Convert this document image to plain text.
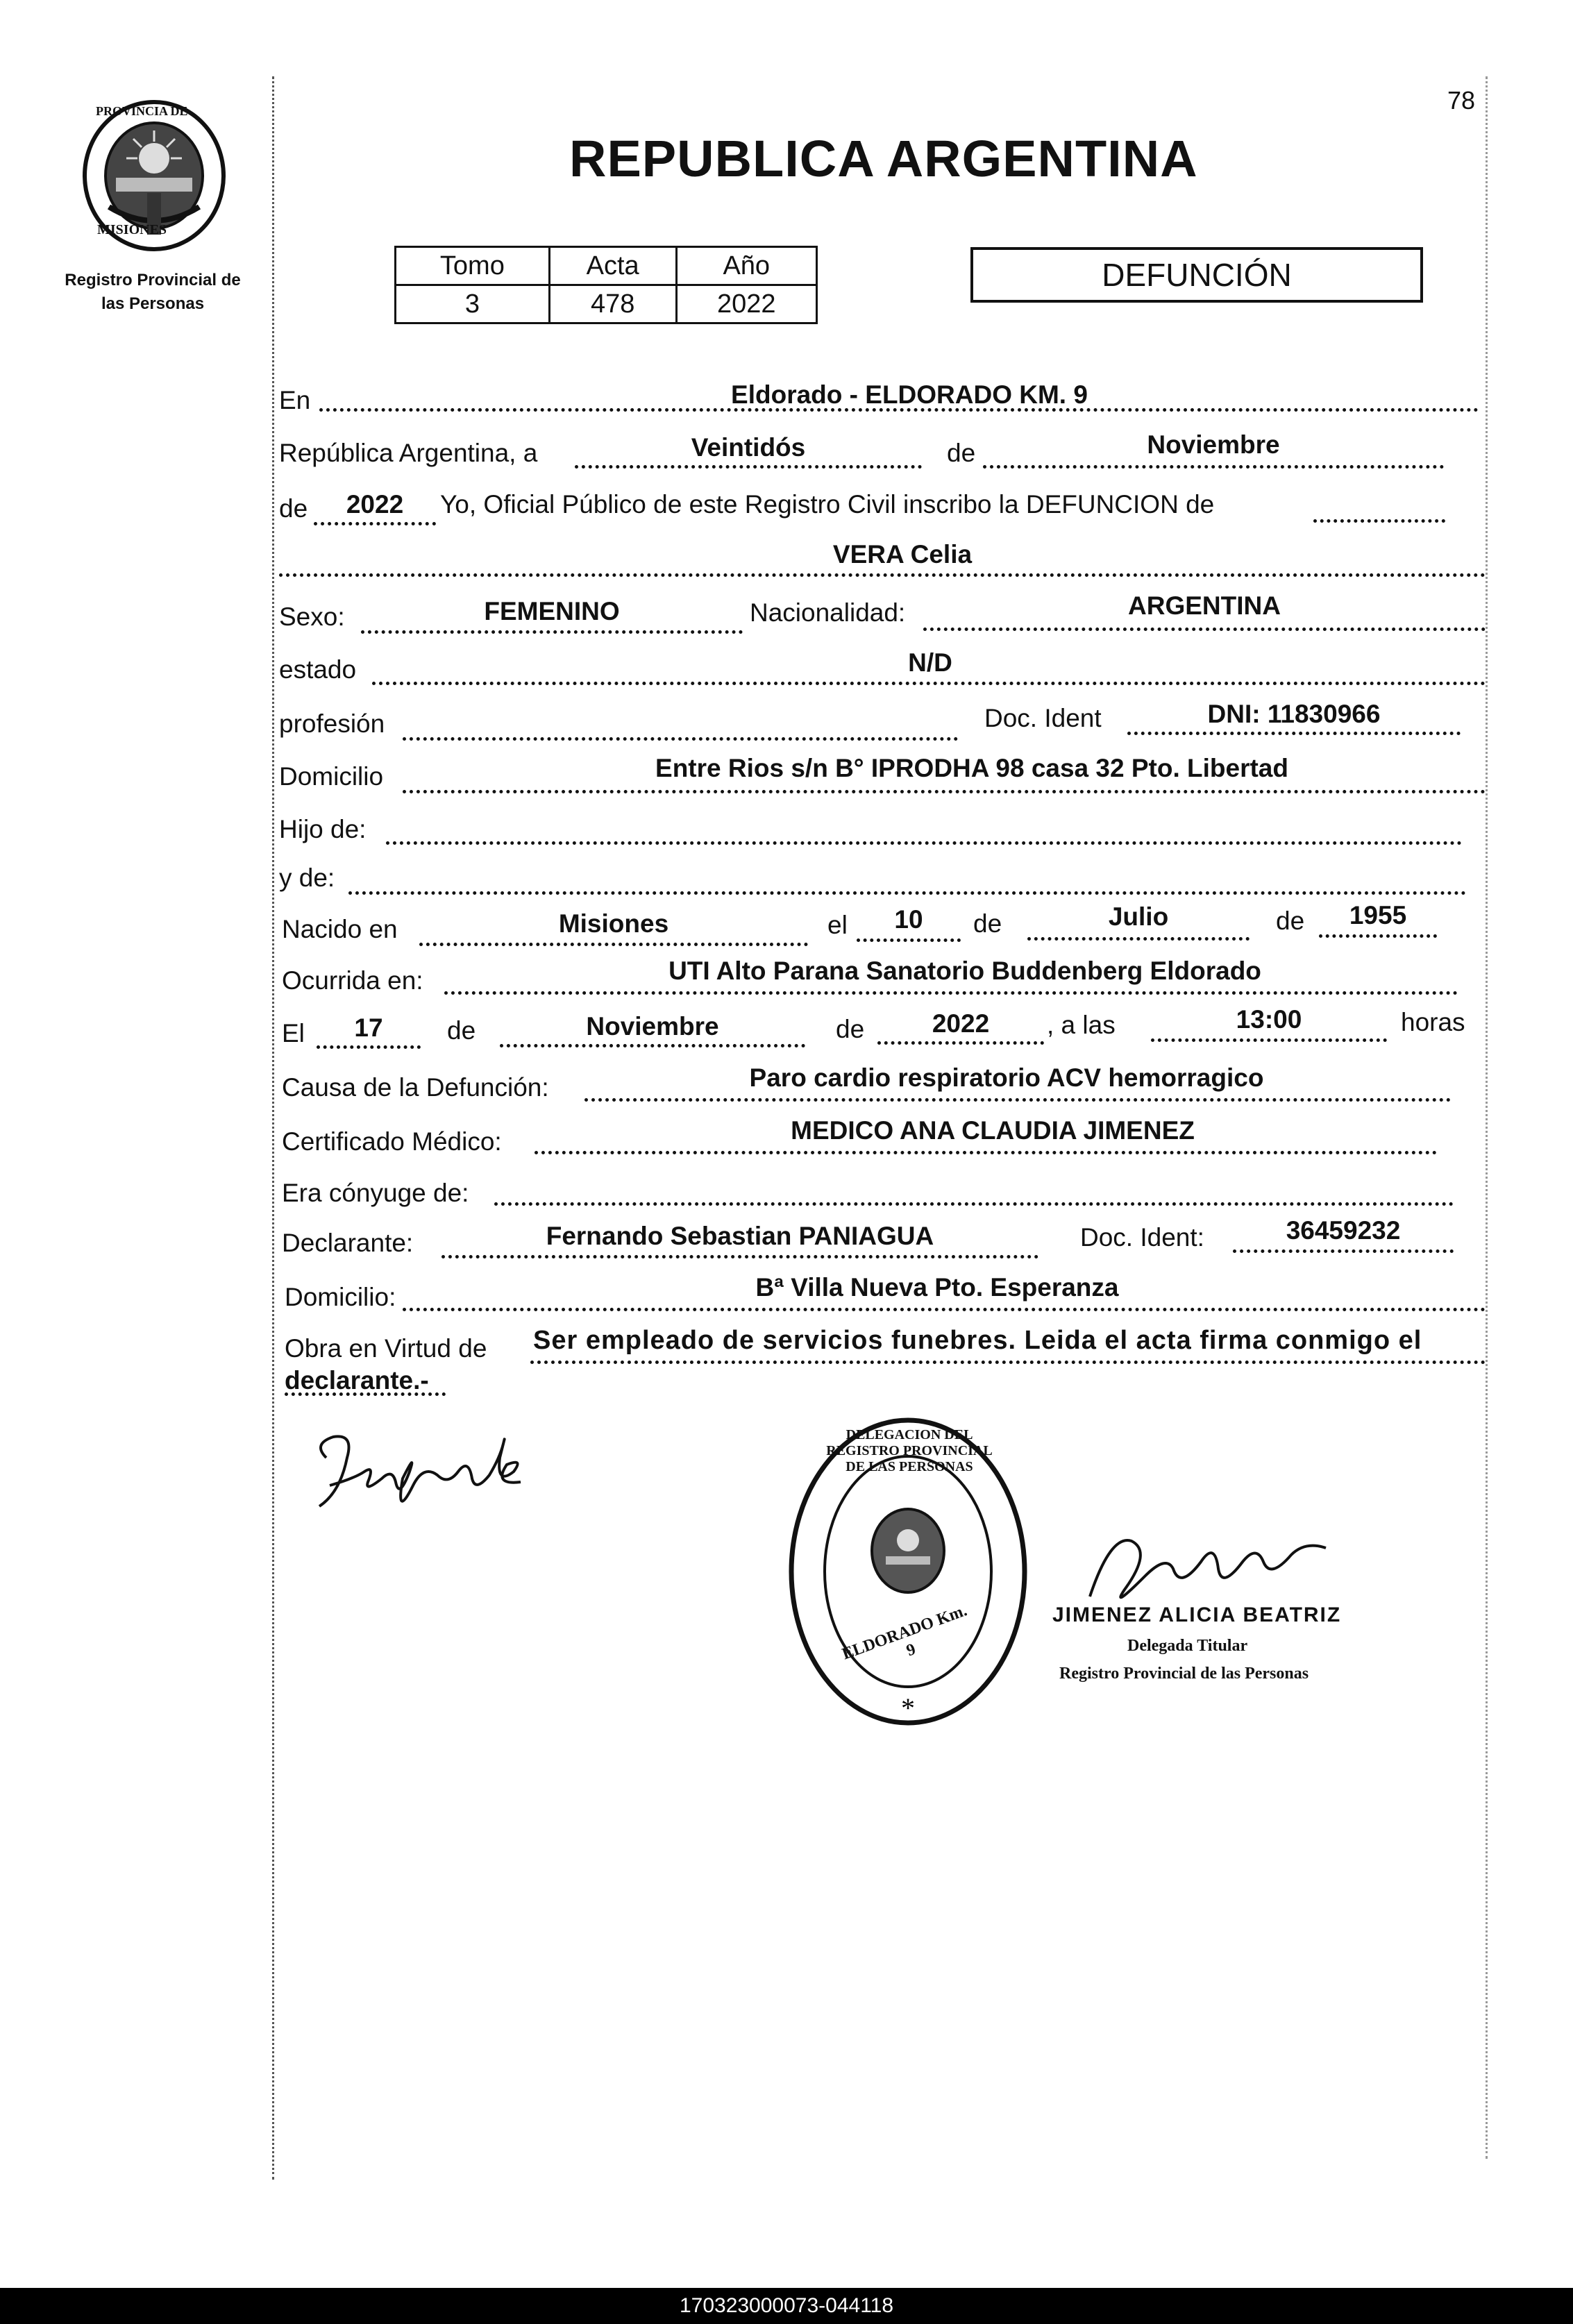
78
PROVINCIA DE
MISIONES
Registro Provincial de
las Personas
REPUBLICA ARGENTINA
Tomo	Acta	Año
3	478	2022
DEFUNCIÓN
En	Eldorado - ELDORADO KM. 9
República Argentina, a	Veintidós	de	Noviembre
de	2022	Yo, Oficial Público de este Registro Civil inscribo la DEFUNCION de
VERA Celia
Sexo:	FEMENINO	Nacionalidad:	ARGENTINA
estado	N/D
profesión	Doc. Ident	DNI: 11830966
Domicilio	Entre Rios s/n B° IPRODHA 98 casa 32 Pto. Libertad
Hijo de:
y de:
Nacido en	Misiones	el	10	de	Julio	de	1955
Ocurrida en:	UTI Alto Parana Sanatorio Buddenberg Eldorado
El	17	de	Noviembre	de	2022	, a las	13:00	horas
Causa de la Defunción:	Paro cardio respiratorio ACV hemorragico
Certificado Médico:	MEDICO ANA CLAUDIA JIMENEZ
Era cónyuge de:
Declarante:	Fernando Sebastian PANIAGUA	Doc. Ident:	36459232
Domicilio:	Bª Villa Nueva Pto. Esperanza
Obra en Virtud de Ser empleado de servicios funebres. Leida el acta firma conmigo el
declarante.-
*
DELEGACION DEL REGISTRO PROVINCIAL DE LAS PERSONAS
ELDORADO Km. 9
JIMENEZ ALICIA BEATRIZ
Delegada Titular
Registro Provincial de las Personas
170323000073-044118
